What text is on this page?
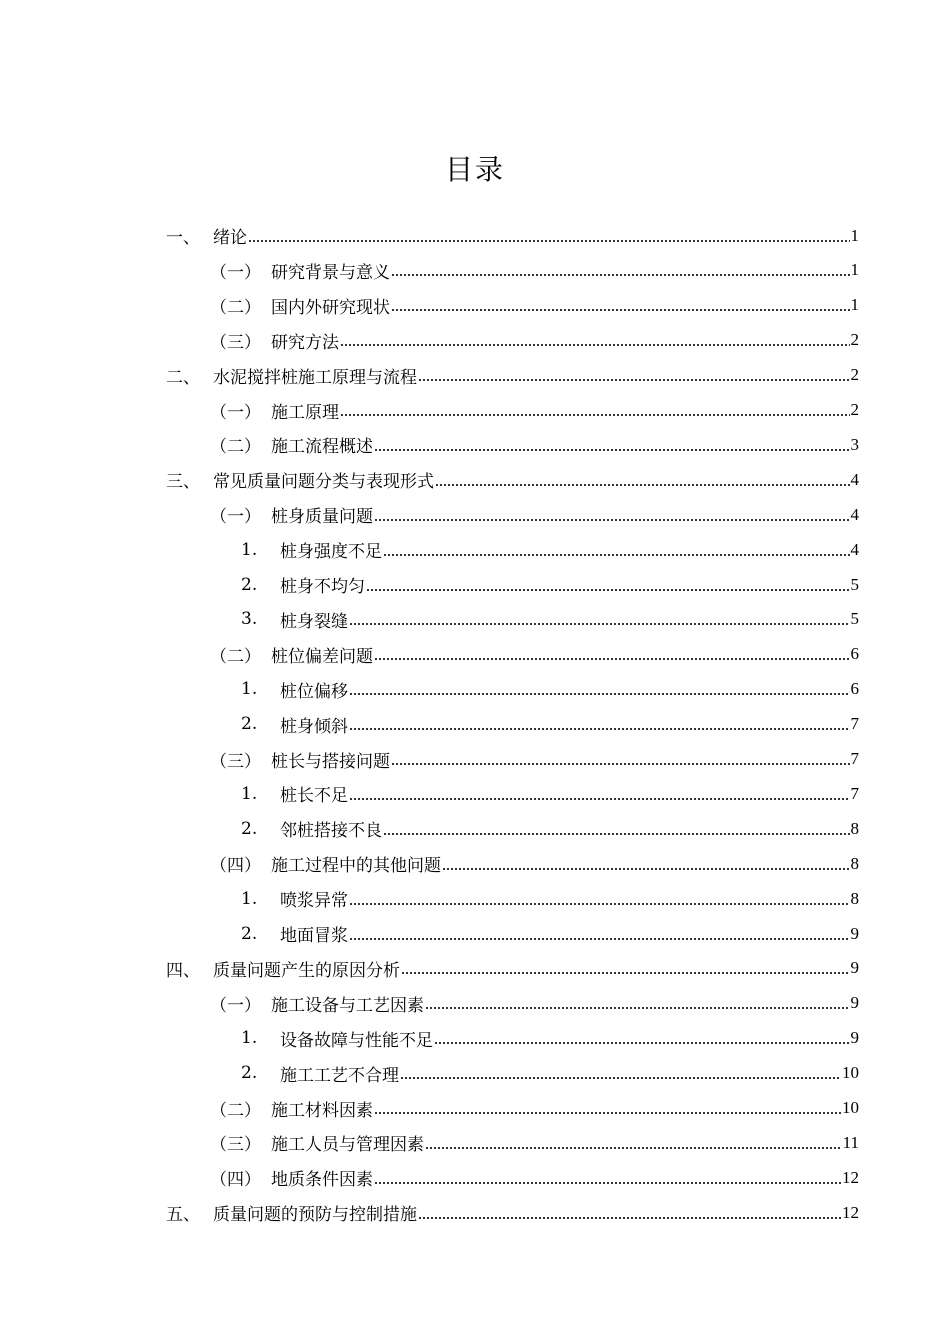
目录
一、 绪论	1
（一） 研究背景与意义	1
（二） 国内外研究现状	1
（三） 研究方法	2
二、 水泥搅拌桩施工原理与流程	2
（一） 施工原理	2
（二） 施工流程概述	3
三、 常见质量问题分类与表现形式	4
（一） 桩身质量问题	4
1.	桩身强度不足	4
2.	桩身不均匀	5
3.	桩身裂缝	5
（二） 桩位偏差问题	6
1.	桩位偏移	6
2.	桩身倾斜	7
（三） 桩长与搭接问题	7
1.	桩长不足	7
2.	邻桩搭接不良	8
（四） 施工过程中的其他问题	8
1.	喷浆异常	8
2.	地面冒浆	9
四、 质量问题产生的原因分析	9
（一） 施工设备与工艺因素	9
1.	设备故障与性能不足	9
2.	施工工艺不合理	10
（二） 施工材料因素	10
（三） 施工人员与管理因素	11
（四） 地质条件因素	12
五、 质量问题的预防与控制措施	12
